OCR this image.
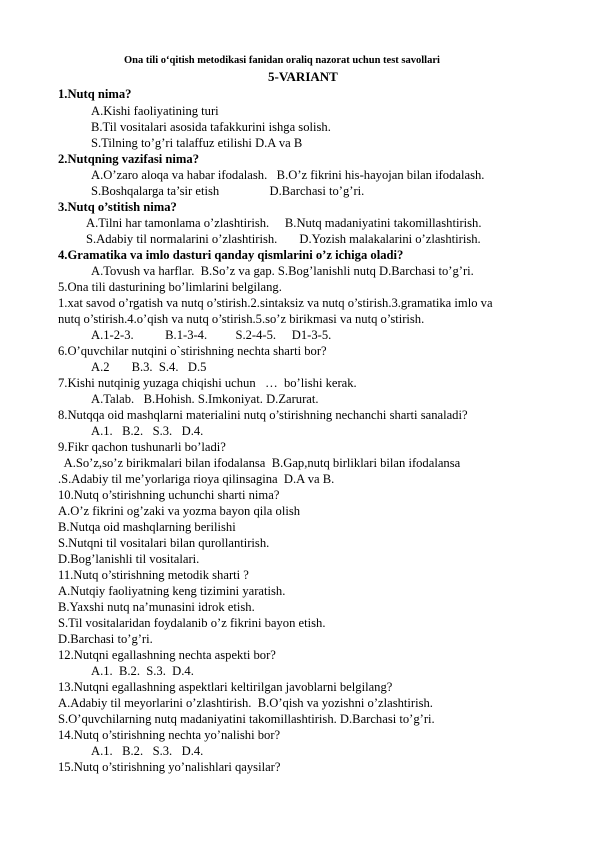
Ona tili o‘qitish metodikasi fanidan oraliq nazorat uchun test savollari
5-VARIANT
1.Nutq nima?
A.Kishi faoliyatining turi
B.Til vositalari asosida tafakkurini ishga solish.
S.Tilning to’g’ri talaffuz etilishi D.A va B
2.Nutqning vazifasi nima?
A.O’zaro aloqa va habar ifodalash.   B.O’z fikrini his-hayojan bilan ifodalash.
S.Boshqalarga ta’sir etish                D.Barchasi to’g’ri.
3.Nutq o’stitish nima?
A.Tilni har tamonlama o’zlashtirish.     B.Nutq madaniyatini takomillashtirish.
S.Adabiy til normalarini o’zlashtirish.       D.Yozish malakalarini o’zlashtirish.
4.Gramatika va imlo dasturi qanday qismlarini o’z ichiga oladi?
A.Tovush va harflar.  B.So’z va gap. S.Bog’lanishli nutq D.Barchasi to’g’ri.
5.Ona tili dasturining bo’limlarini belgilang.
1.xat savod o’rgatish va nutq o’stirish.2.sintaksiz va nutq o’stirish.3.gramatika imlo va
nutq o’stirish.4.o’qish va nutq o’stirish.5.so’z birikmasi va nutq o’stirish.
A.1-2-3.          B.1-3-4.         S.2-4-5.     D1-3-5.
6.O’quvchilar nutqini o`stirishning nechta sharti bor?
A.2       B.3.  S.4.   D.5
7.Kishi nutqinig yuzaga chiqishi uchun   …  bo’lishi kerak.
A.Talab.   B.Hohish. S.Imkoniyat. D.Zarurat.
8.Nutqqa oid mashqlarni materialini nutq o’stirishning nechanchi sharti sanaladi?
A.1.   B.2.   S.3.   D.4.
9.Fikr qachon tushunarli bo’ladi?
A.So’z,so’z birikmalari bilan ifodalansa  B.Gap,nutq birliklari bilan ifodalansa
.S.Adabiy til me’yorlariga rioya qilinsagina  D.A va B.
10.Nutq o’stirishning uchunchi sharti nima?
A.O’z fikrini og’zaki va yozma bayon qila olish
B.Nutqa oid mashqlarning berilishi
S.Nutqni til vositalari bilan qurollantirish.
D.Bog’lanishli til vositalari.
11.Nutq o’stirishning metodik sharti ?
A.Nutqiy faoliyatning keng tizimini yaratish.
B.Yaxshi nutq na’munasini idrok etish.
S.Til vositalaridan foydalanib o’z fikrini bayon etish.
D.Barchasi to’g’ri.
12.Nutqni egallashning nechta aspekti bor?
A.1.  B.2.  S.3.  D.4.
13.Nutqni egallashning aspektlari keltirilgan javoblarni belgilang?
A.Adabiy til meyorlarini o’zlashtirish.  B.O’qish va yozishni o’zlashtirish.
S.O’quvchilarning nutq madaniyatini takomillashtirish. D.Barchasi to’g’ri.
14.Nutq o’stirishning nechta yo’nalishi bor?
A.1.   B.2.   S.3.   D.4.
15.Nutq o’stirishning yo’nalishlari qaysilar?
